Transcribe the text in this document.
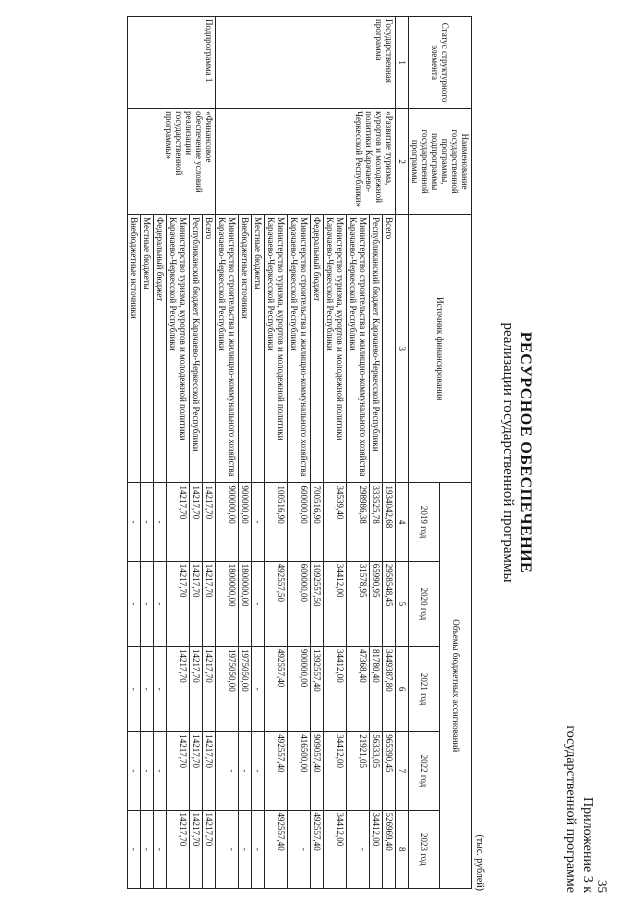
35
Приложение 3 к
государственной программе
РЕСУРСНОЕ ОБЕСПЕЧЕНИЕ
реализации государственной программы
(тыс. рублей)
Статус структурного элемента	Наименование государственной программы, подпрограммы государственной программы	Источник финансирования	Объемы бюджетных ассигнований				
			2019 год	2020 год	2021 год	2022 год	2023 год
1	2	3	4	5	6	7	8
Государственная программа	«Развитие туризма, курортов и молодежной политики Карачаево-Черкесской Республики»	Всего	1934042,68	2958548,45	3449387,80	965390,45	526969,40
		Республиканский бюджет Карачаево-Черкесской Республики	333525,78	65990,95	81780,40	56333,05	34412,00
		Министерство строительства и жилищно-коммунального хозяйства Карачаево-Черкесской Республики	298986,38	31578,95	47368,40	21921,05	-
		Министерство туризма, курортов и молодежной политики Карачаево-Черкесской Республики	34539,40	34412,00	34412,00	34412,00	34412,00
		Федеральный бюджет	700516,90	1092557,50	1392557,40	909057,40	492557,40
		Министерство строительства и жилищно-коммунального хозяйства Карачаево-Черкесской Республики	600000,00	600000,00	900000,00	416500,00	-
		Министерство туризма, курортов и молодежной политики Карачаево-Черкесской Республики	100516,90	492557,50	492557,40	492557,40	492557,40
		Местные бюджеты	-	-	-	-	-
		Внебюджетные источники	900000,00	1800000,00	1975050,00	-	-
		Министерство строительства и жилищно-коммунального хозяйства Карачаево-Черкесской Республики	900000,00	1800000,00	1975050,00	-	-
Подпрограмма 1	«Финансовое обеспечение условий реализации государственной программы»	Всего	14217,70	14217,70	14217,70	14217,70	14217,70
		Республиканский бюджет Карачаево-Черкесской Республики	14217,70	14217,70	14217,70	14217,70	14217,70
		Министерство туризма, курортов и молодежной политики Карачаево-Черкесской Республики	14217,70	14217,70	14217,70	14217,70	14217,70
		Федеральный бюджет	-	-	-	-	-
		Местные бюджеты	-	-	-	-	-
		Внебюджетные источники	-	-	-	-	-
